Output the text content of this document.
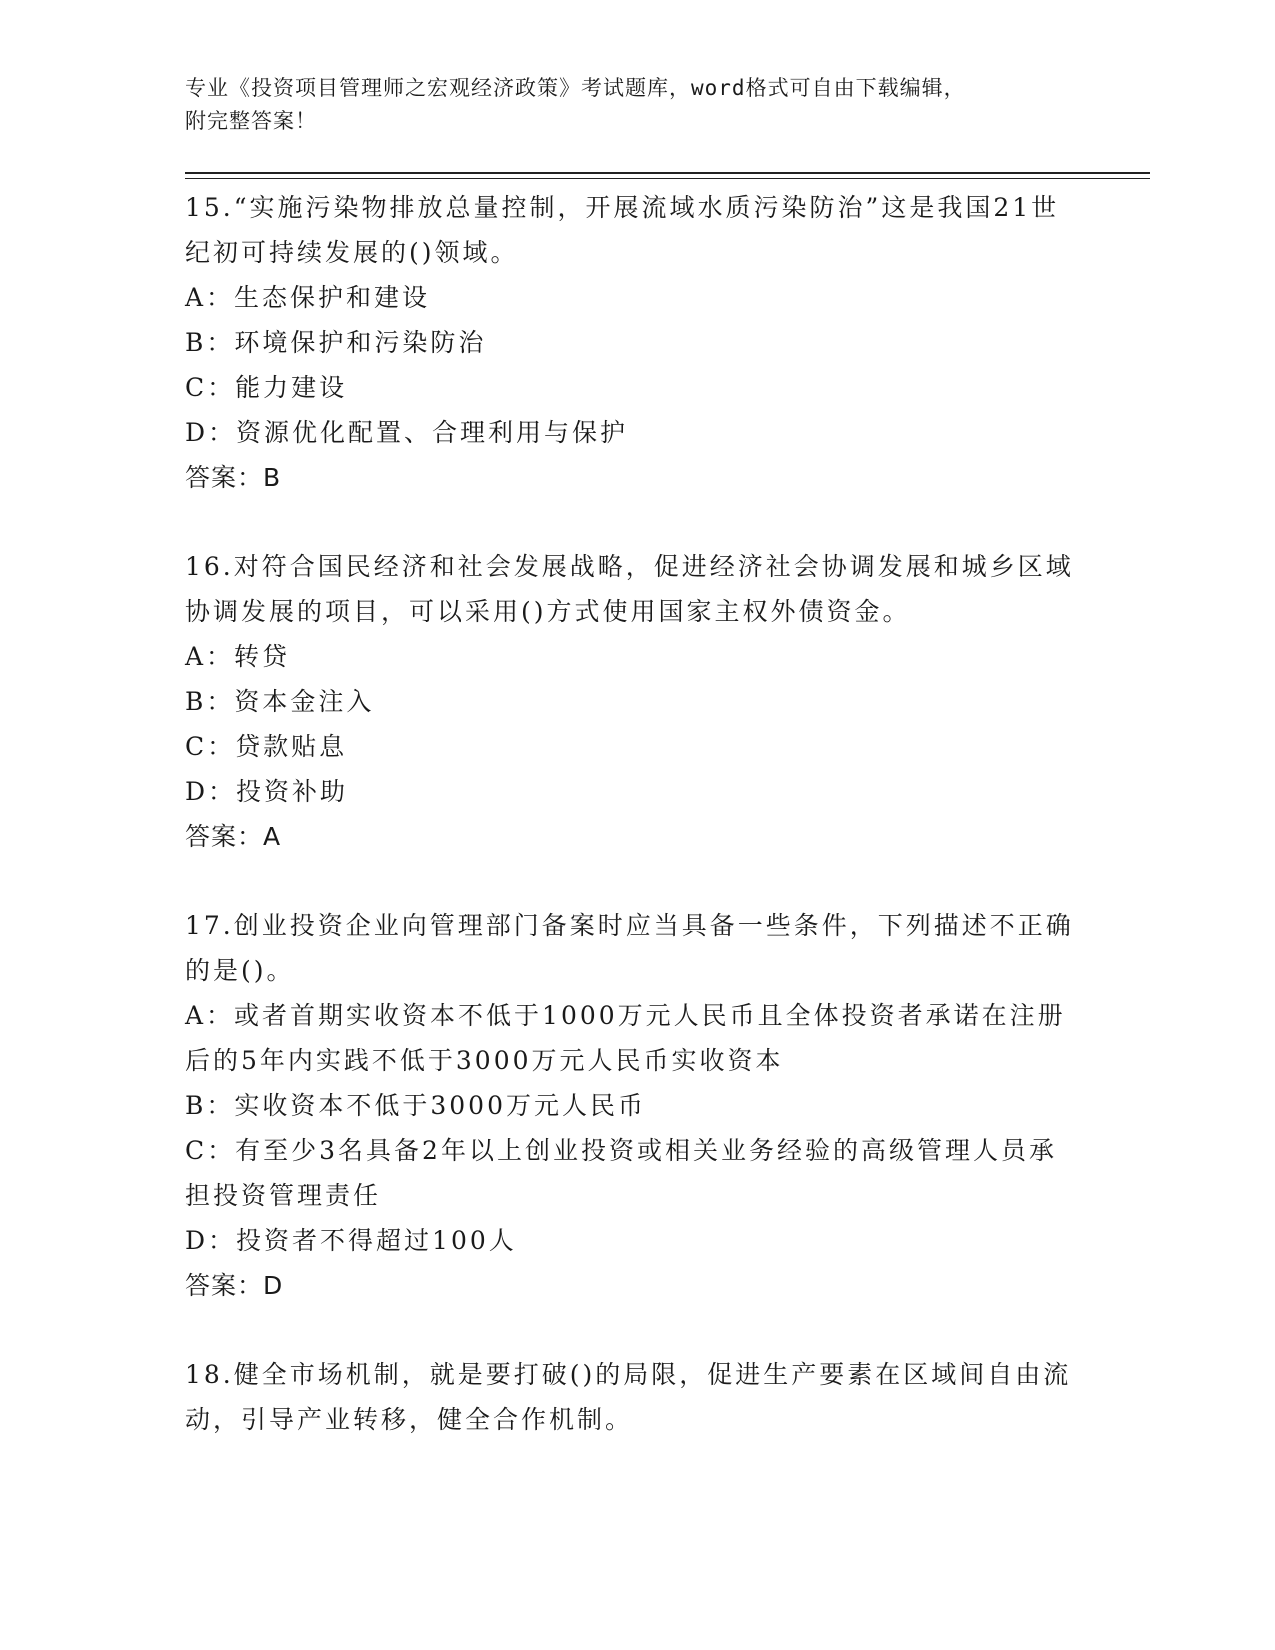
专业《投资项目管理师之宏观经济政策》考试题库，word格式可自由下载编辑，
附完整答案！

15.“实施污染物排放总量控制，开展流域水质污染防治”这是我国21世纪初可持续发展的()领域。

A：生态保护和建设

B：环境保护和污染防治

C：能力建设

D：资源优化配置、合理利用与保护

答案：B

16.对符合国民经济和社会发展战略，促进经济社会协调发展和城乡区域协调发展的项目，可以采用()方式使用国家主权外债资金。

A：转贷

B：资本金注入

C：贷款贴息

D：投资补助

答案：A

17.创业投资企业向管理部门备案时应当具备一些条件，下列描述不正确的是()。

A：或者首期实收资本不低于1000万元人民币且全体投资者承诺在注册后的5年内实践不低于3000万元人民币实收资本

B：实收资本不低于3000万元人民币

C：有至少3名具备2年以上创业投资或相关业务经验的高级管理人员承担投资管理责任

D：投资者不得超过100人

答案：D

18.健全市场机制，就是要打破()的局限，促进生产要素在区域间自由流动，引导产业转移，健全合作机制。
